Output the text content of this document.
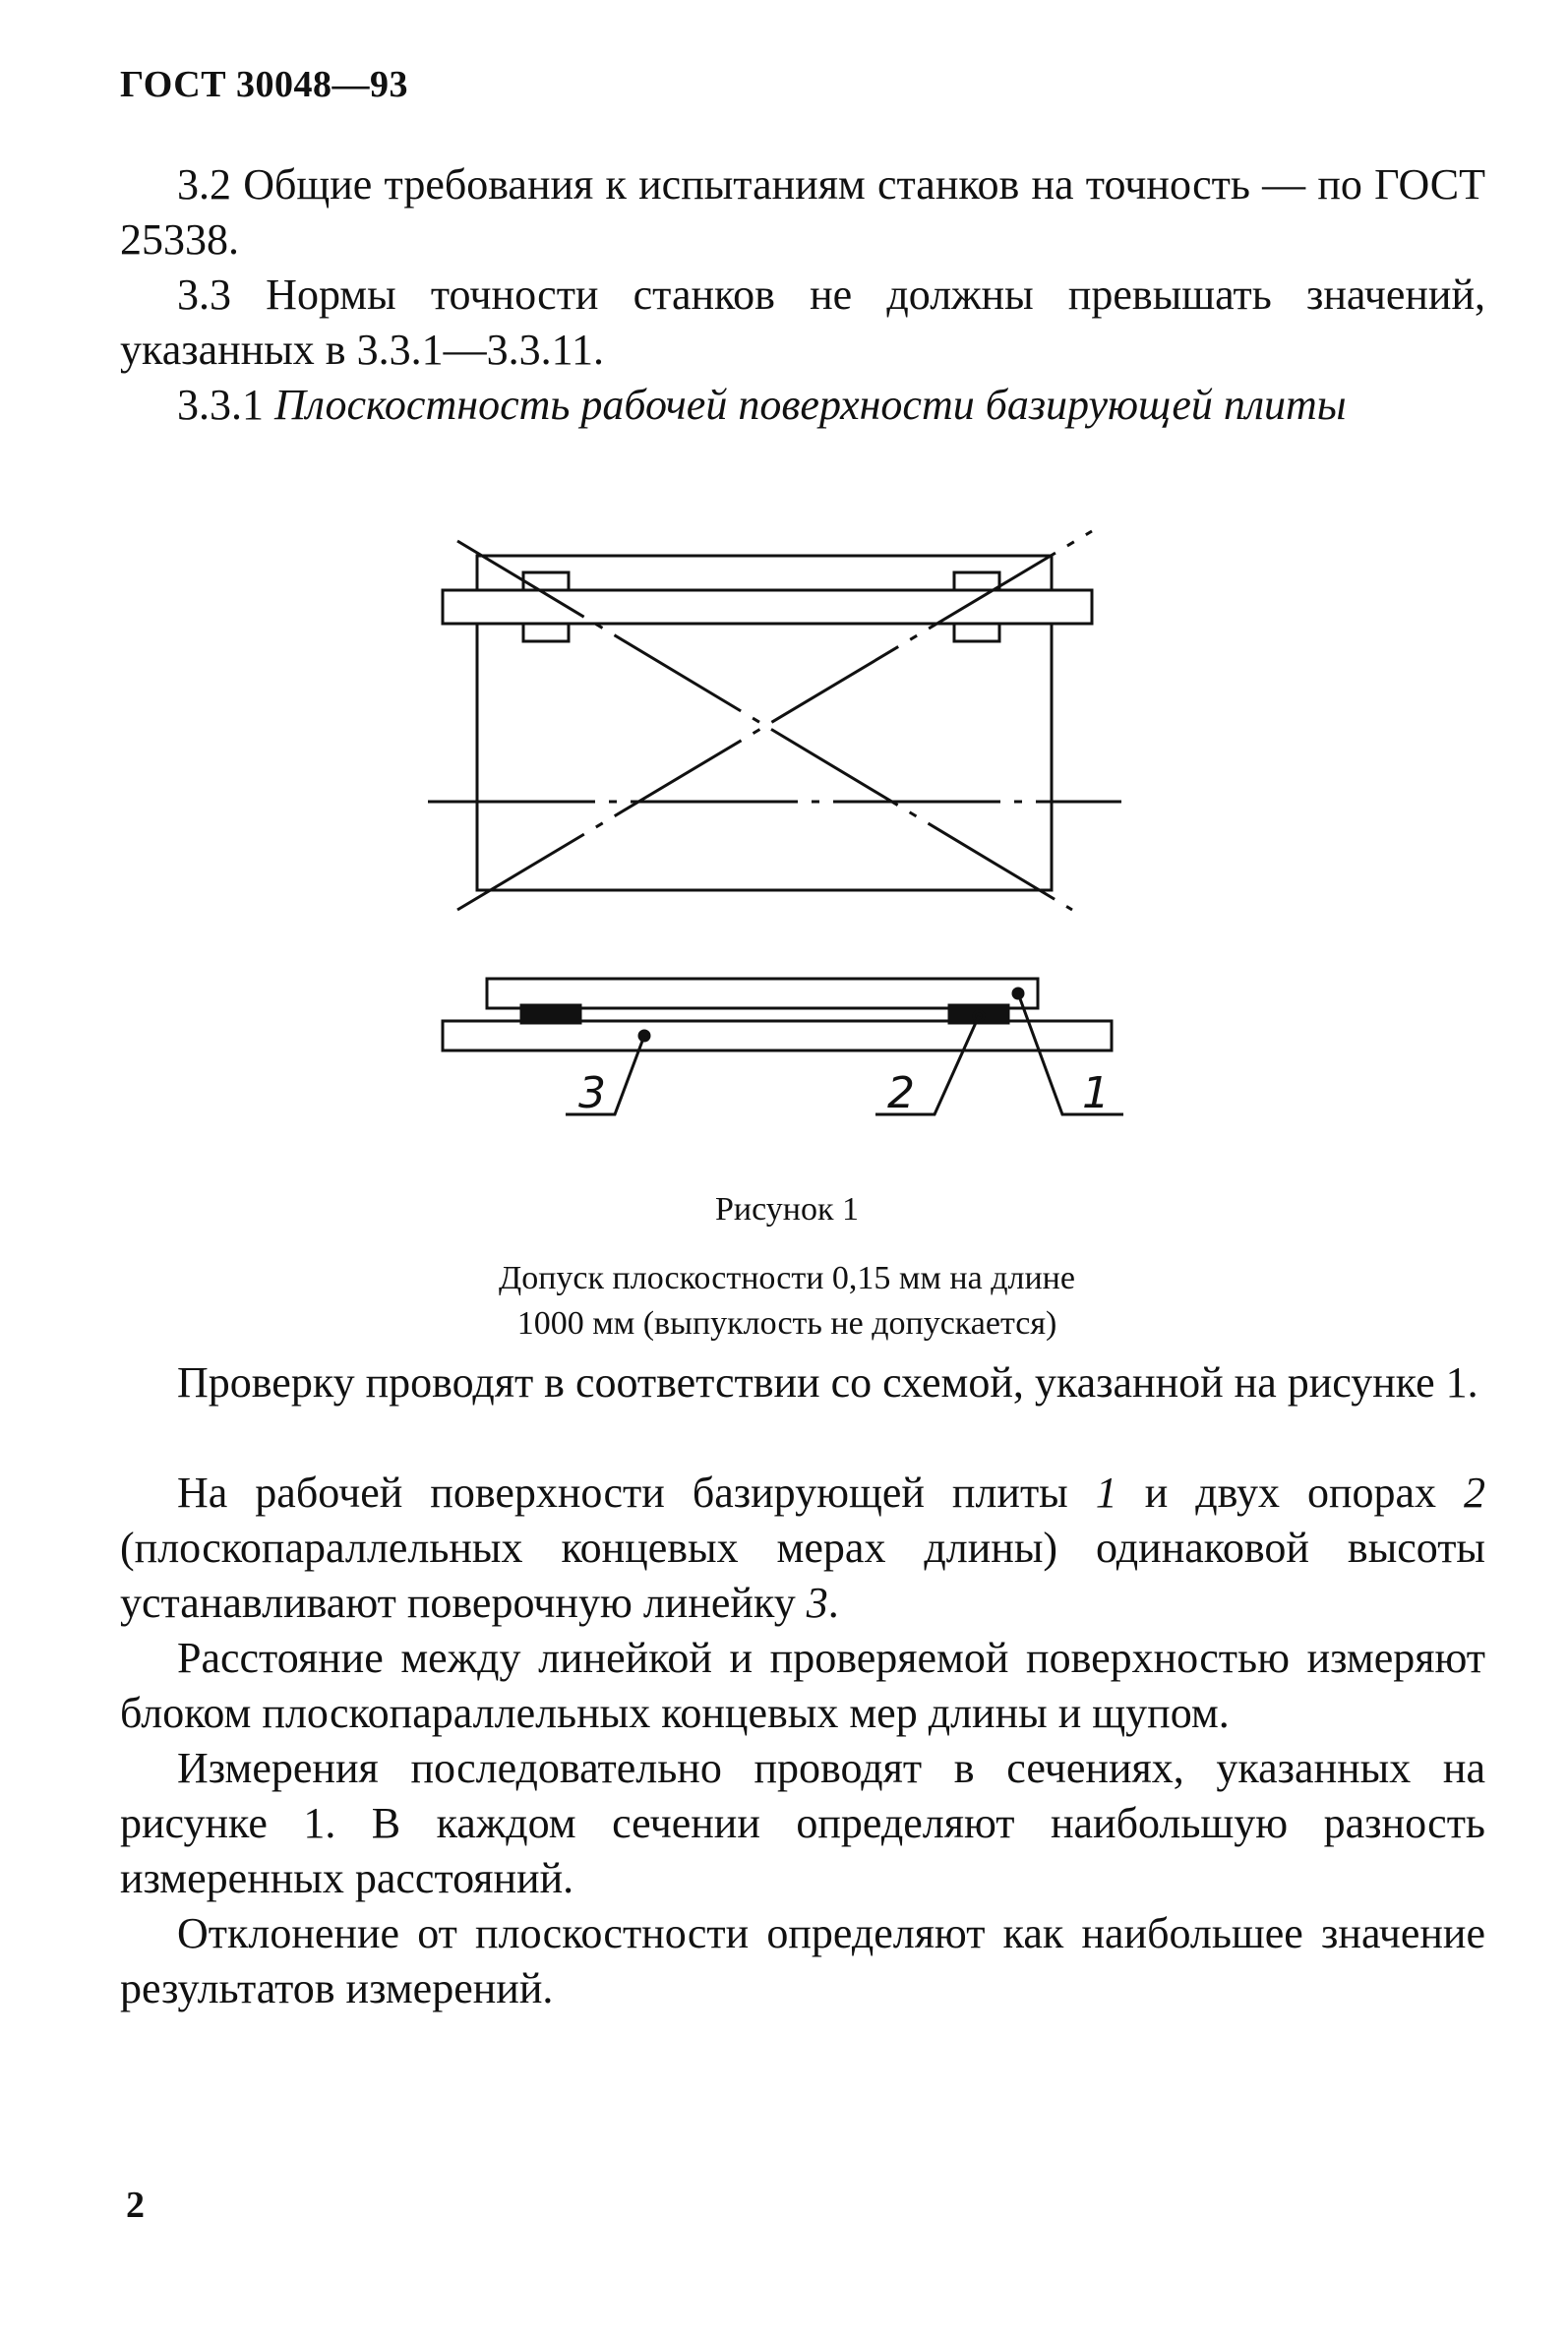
ГОСТ 30048—93
3.2 Общие требования к испытаниям станков на точность — по ГОСТ 25338.
3.3 Нормы точности станков не должны превышать значений, указанных в 3.3.1—3.3.11.
3.3.1 Плоскостность рабочей поверхности базирующей плиты
3	2	1
Рисунок 1
Допуск плоскостности 0,15 мм на длине
1000 мм (выпуклость не допускается)
Проверку проводят в соответствии со схемой, указанной на рисунке 1.
На рабочей поверхности базирующей плиты 1 и двух опорах 2 (плоскопараллельных концевых мерах длины) одинаковой высоты устанавливают поверочную линейку 3.
Расстояние между линейкой и проверяемой поверхностью измеряют блоком плоскопараллельных концевых мер длины и щупом.
Измерения последовательно проводят в сечениях, указанных на рисунке 1. В каждом сечении определяют наибольшую разность измеренных расстояний.
Отклонение от плоскостности определяют как наибольшее значение результатов измерений.
2
